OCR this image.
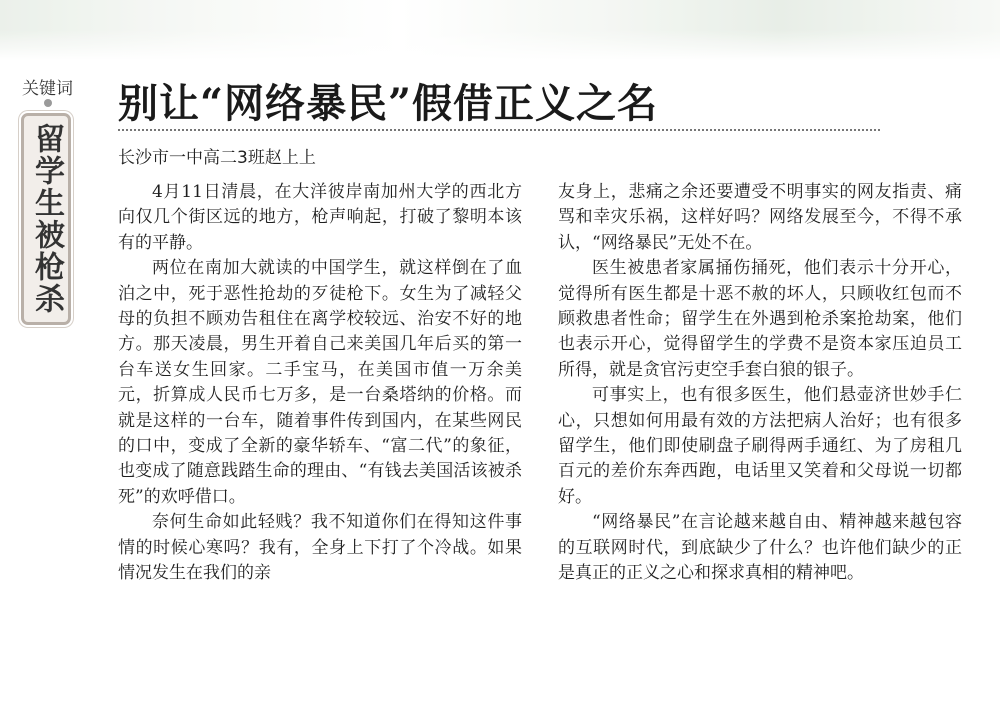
关键词
留学生被枪杀
别让“网络暴民”假借正义之名
长沙市一中高二3班赵上上

4月11日清晨，在大洋彼岸南加州大学的西北方向仅几个街区远的地方，枪声响起，打破了黎明本该有的平静。

两位在南加大就读的中国学生，就这样倒在了血泊之中，死于恶性抢劫的歹徒枪下。女生为了减轻父母的负担不顾劝告租住在离学校较远、治安不好的地方。那天凌晨，男生开着自己来美国几年后买的第一台车送女生回家。二手宝马，在美国市值一万余美元，折算成人民币七万多，是一台桑塔纳的价格。而就是这样的一台车，随着事件传到国内，在某些网民的口中，变成了全新的豪华轿车、“富二代”的象征，也变成了随意践踏生命的理由、“有钱去美国活该被杀死”的欢呼借口。

奈何生命如此轻贱？我不知道你们在得知这件事情的时候心寒吗？我有，全身上下打了个冷战。如果情况发生在我们的亲

友身上，悲痛之余还要遭受不明事实的网友指责、痛骂和幸灾乐祸，这样好吗？网络发展至今，不得不承认，“网络暴民”无处不在。

医生被患者家属捅伤捅死，他们表示十分开心，觉得所有医生都是十恶不赦的坏人，只顾收红包而不顾救患者性命；留学生在外遇到枪杀案抢劫案，他们也表示开心，觉得留学生的学费不是资本家压迫员工所得，就是贪官污吏空手套白狼的银子。

可事实上，也有很多医生，他们悬壶济世妙手仁心，只想如何用最有效的方法把病人治好；也有很多留学生，他们即使刷盘子刷得两手通红、为了房租几百元的差价东奔西跑，电话里又笑着和父母说一切都好。

“网络暴民”在言论越来越自由、精神越来越包容的互联网时代，到底缺少了什么？也许他们缺少的正是真正的正义之心和探求真相的精神吧。
